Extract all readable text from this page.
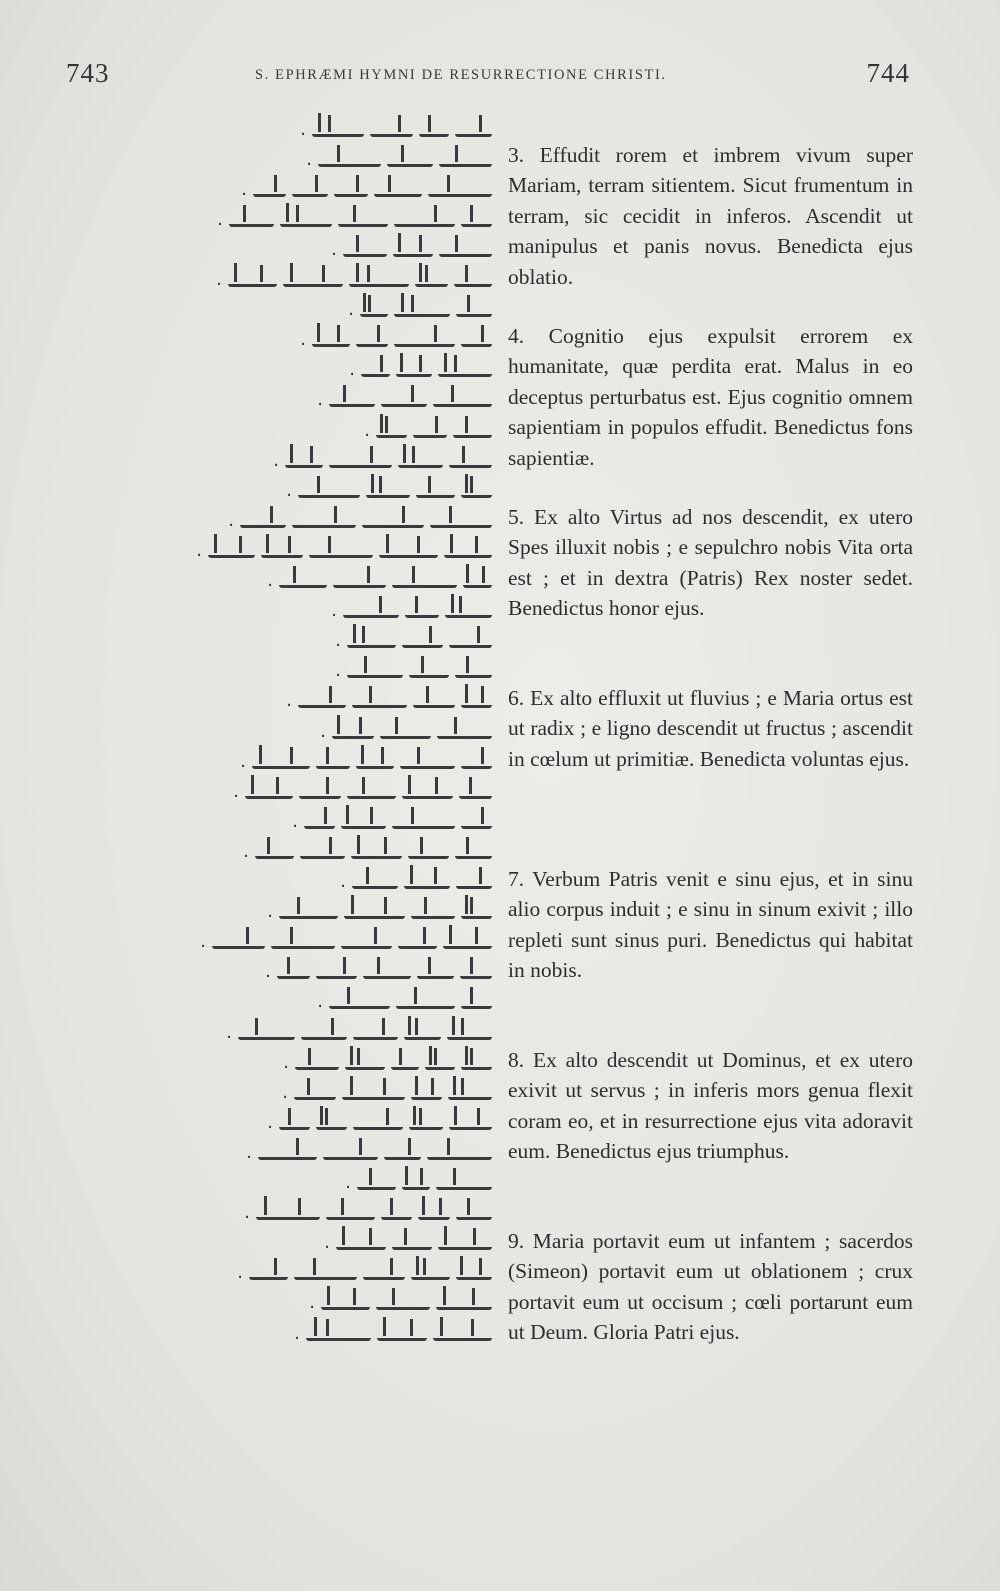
743	S. EPHRÆMI HYMNI DE RESURRECTIONE CHRISTI.	744
.
.
.
.
.
.
.
.
.
.
.
.
.
.
.
.
.
.
.
.
.
.
.
.
.
.
.
.
.
.
.
.
.
.
.
.
.
.
.
.
.

3. Effudit rorem et imbrem vivum super Mariam, terram sitientem. Sicut frumentum in terram, sic cecidit in inferos. Ascendit ut manipulus et panis novus. Benedicta ejus oblatio.

4. Cognitio ejus expulsit errorem ex humanitate, quæ perdita erat. Malus in eo deceptus perturbatus est. Ejus cognitio omnem sapientiam in populos effudit. Benedictus fons sapientiæ.

5. Ex alto Virtus ad nos descendit, ex utero Spes illuxit nobis ; e sepulchro nobis Vita orta est ; et in dextra (Patris) Rex noster sedet. Benedictus honor ejus.

6. Ex alto effluxit ut fluvius ; e Maria ortus est ut radix ; e ligno descendit ut fructus ; ascendit in cœlum ut primitiæ. Benedicta voluntas ejus.

7. Verbum Patris venit e sinu ejus, et in sinu alio corpus induit ; e sinu in sinum exivit ; illo repleti sunt sinus puri. Benedictus qui habitat in nobis.

8. Ex alto descendit ut Dominus, et ex utero exivit ut servus ; in inferis mors genua flexit coram eo, et in resurrectione ejus vita adoravit eum. Benedictus ejus triumphus.

9. Maria portavit eum ut infantem ; sacerdos (Simeon) portavit eum ut oblationem ; crux portavit eum ut occisum ; cœli portarunt eum ut Deum. Gloria Patri ejus.
